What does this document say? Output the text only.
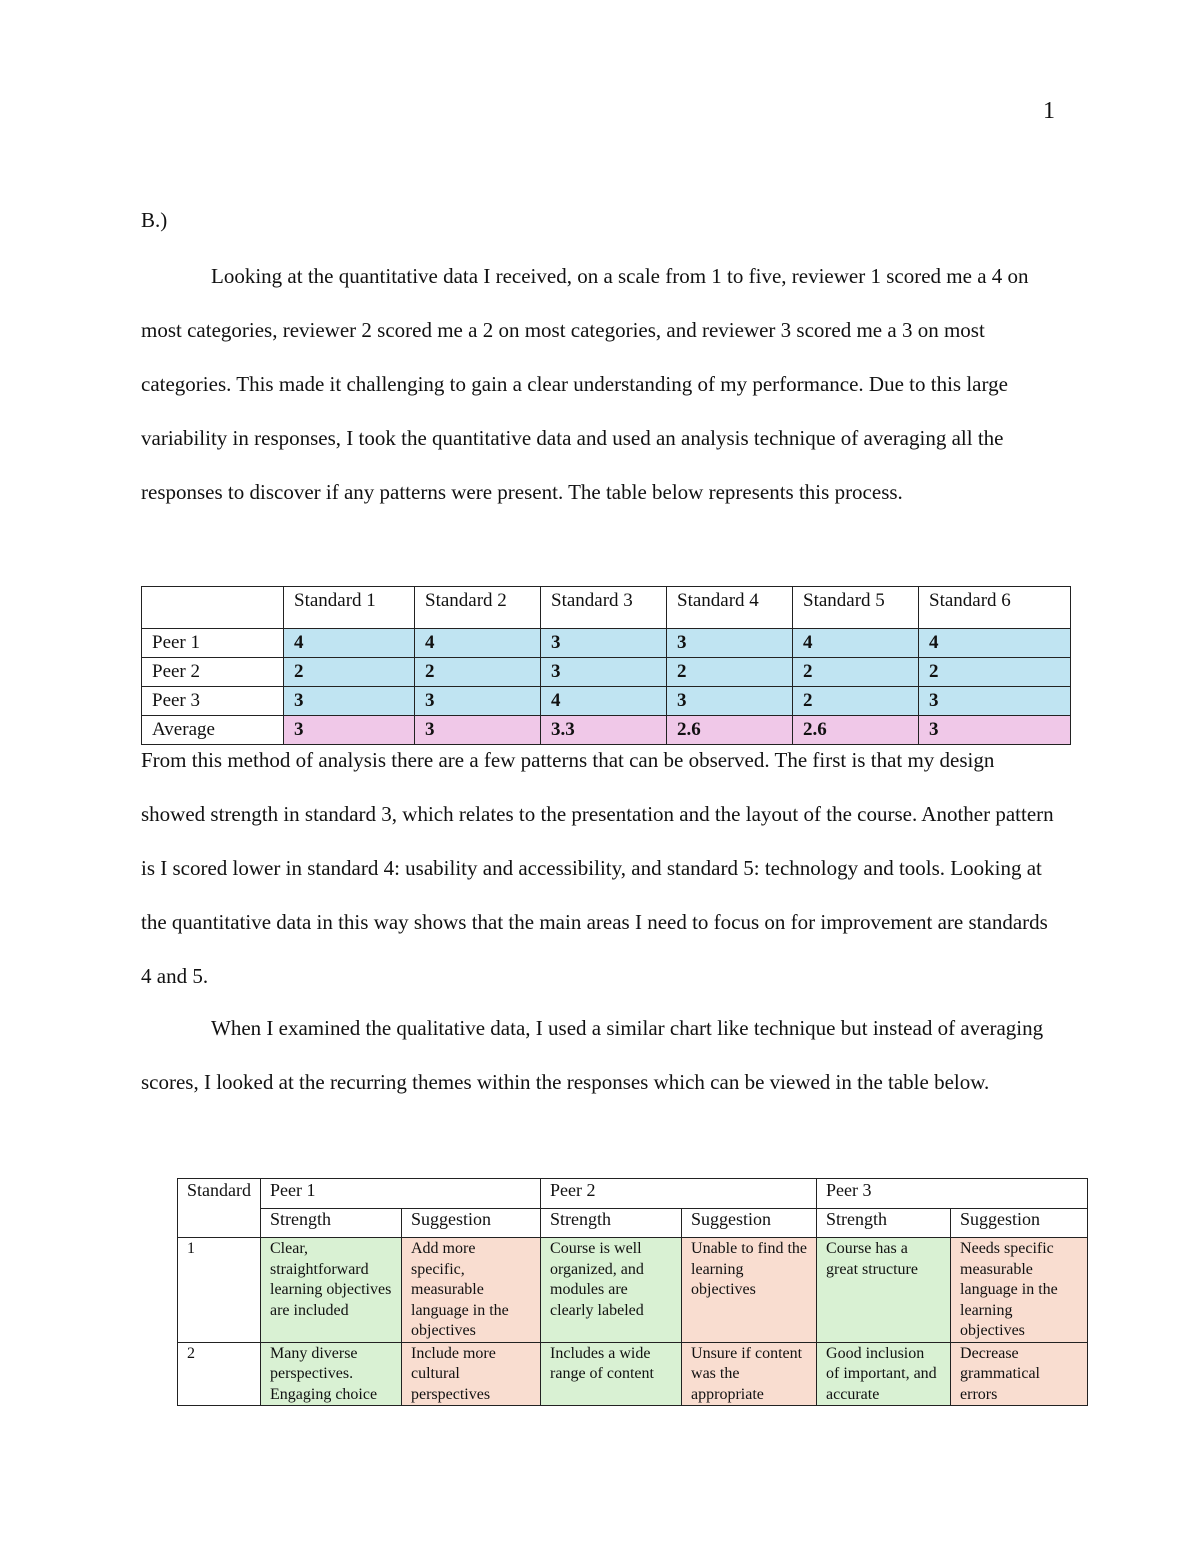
1
B.)

Looking at the quantitative data I received, on a scale from 1 to five, reviewer 1 scored me a 4 on most categories, reviewer 2 scored me a 2 on most categories, and reviewer 3 scored me a 3 on most categories. This made it challenging to gain a clear understanding of my performance. Due to this large variability in responses, I took the quantitative data and used an analysis technique of averaging all the responses to discover if any patterns were present. The table below represents this process.

	Standard 1	Standard 2	Standard 3	Standard 4	Standard 5	Standard 6
Peer 1	4	4	3	3	4	4
Peer 2	2	2	3	2	2	2
Peer 3	3	3	4	3	2	3
Average	3	3	3.3	2.6	2.6	3

From this method of analysis there are a few patterns that can be observed. The first is that my design showed strength in standard 3, which relates to the presentation and the layout of the course. Another pattern is I scored lower in standard 4: usability and accessibility, and standard 5: technology and tools. Looking at the quantitative data in this way shows that the main areas I need to focus on for improvement are standards 4 and 5.

When I examined the qualitative data, I used a similar chart like technique but instead of averaging scores, I looked at the recurring themes within the responses which can be viewed in the table below.

Standard	Peer 1		Peer 2		Peer 3	
	Strength	Suggestion	Strength	Suggestion	Strength	Suggestion
1	Clear, straightforward learning objectives are included	Add more specific, measurable language in the objectives	Course is well organized, and modules are clearly labeled	Unable to find the learning objectives	Course has a great structure	Needs specific measurable language in the learning objectives
2	Many diverse perspectives. Engaging choice	Include more cultural perspectives	Includes a wide range of content	Unsure if content was the appropriate	Good inclusion of important, and accurate	Decrease grammatical errors
